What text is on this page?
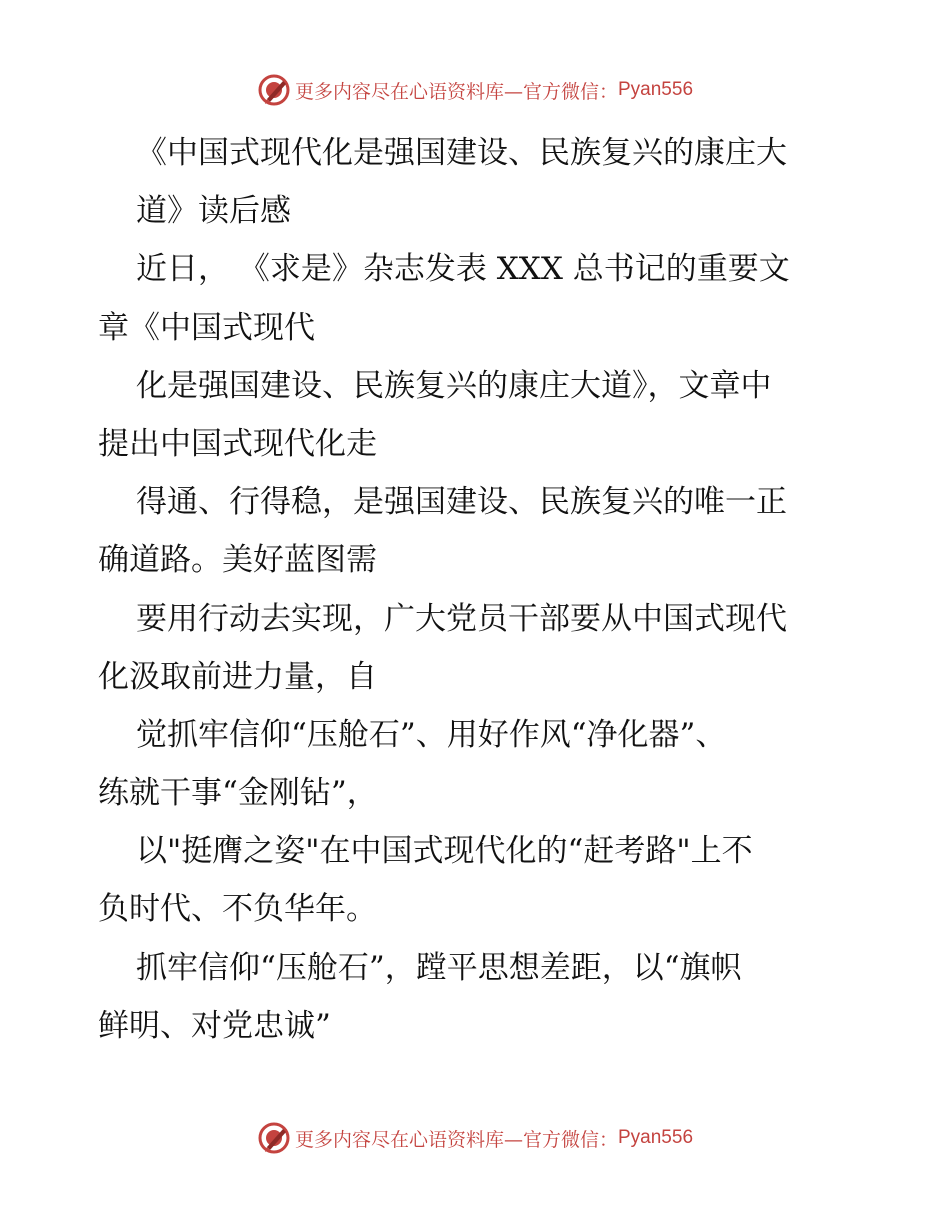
更多内容尽在心语资料库—官方微信： Pyan556
《中国式现代化是强国建设、民族复兴的康庄大
道》读后感
近日， 《求是》杂志发表 XXX 总书记的重要文
章《中国式现代
化是强国建设、民族复兴的康庄大道》，文章中
提出中国式现代化走
得通、行得稳，是强国建设、民族复兴的唯一正
确道路。美好蓝图需
要用行动去实现，广大党员干部要从中国式现代
化汲取前进力量，自
觉抓牢信仰“压舱石”、用好作风“净化器”、
练就干事“金刚钻”，
以"挺膺之姿"在中国式现代化的“赶考路"上不
负时代、不负华年。
抓牢信仰“压舱石”，蹚平思想差距，以“旗帜
鲜明、对党忠诚”
更多内容尽在心语资料库—官方微信： Pyan556
